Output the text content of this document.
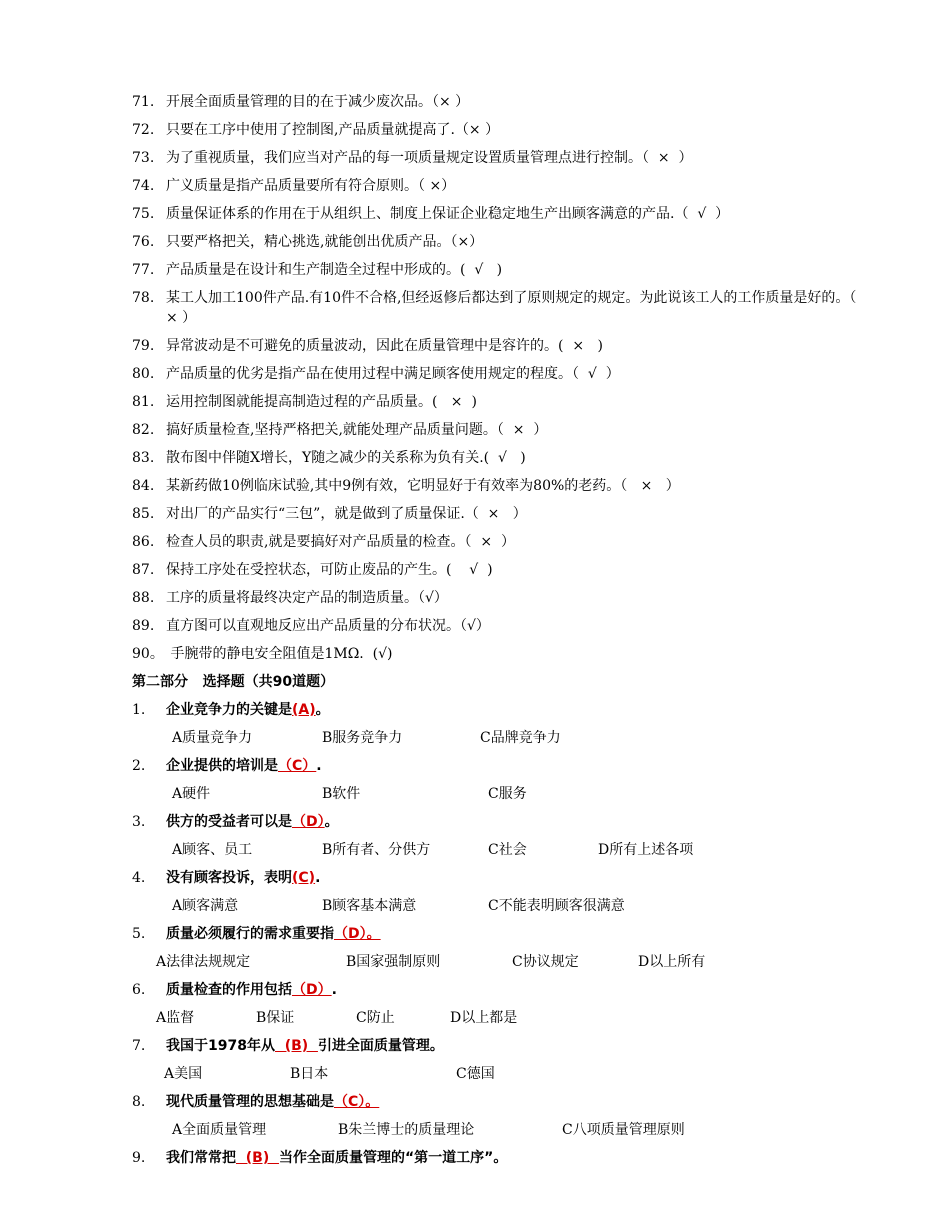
71. 开展全面质量管理的目的在于减少废次品。（× ）
72. 只要在工序中使用了控制图,产品质量就提高了.（× ）
73. 为了重视质量，我们应当对产品的每一项质量规定设置质量管理点进行控制。（  ×  ）
74. 广义质量是指产品质量要所有符合原则。（ ×）
75. 质量保证体系的作用在于从组织上、制度上保证企业稳定地生产出顾客满意的产品.（  √  ）
76. 只要严格把关，精心挑选,就能创出优质产品。（×）
77. 产品质量是在设计和生产制造全过程中形成的。(  √   )
78. 某工人加工100件产品.有10件不合格,但经返修后都达到了原则规定的规定。为此说该工人的工作质量是好的。（ × ）
79. 异常波动是不可避免的质量波动，因此在质量管理中是容许的。(  ×   )
80. 产品质量的优劣是指产品在使用过程中满足顾客使用规定的程度。（  √  ）
81. 运用控制图就能提高制造过程的产品质量。(   ×  )
82. 搞好质量检查,坚持严格把关,就能处理产品质量问题。（  ×  ）
83. 散布图中伴随X增长，Y随之减少的关系称为负有关.(  √   )
84. 某新药做10例临床试验,其中9例有效，它明显好于有效率为80%的老药。（   ×   ）
85. 对出厂的产品实行“三包”，就是做到了质量保证.（  ×   ）
86. 检查人员的职责,就是要搞好对产品质量的检查。（  ×  ）
87. 保持工序处在受控状态，可防止废品的产生。(    √  )
88. 工序的质量将最终决定产品的制造质量。（√）
89. 直方图可以直观地反应出产品质量的分布状况。（√）
90。 手腕带的静电安全阻值是1MΩ.  (√)
第二部分   选择题（共90道题）
1.	企业竞争力的关键是(A)。
A质量竞争力	B服务竞争力	C品牌竞争力
2.	企业提供的培训是（C）.
A硬件	B软件	C服务
3.	供方的受益者可以是（D）。
A顾客、员工	B所有者、分供方	C社会	D所有上述各项
4.	没有顾客投诉，表明(C).
A顾客满意	B顾客基本满意	C不能表明顾客很满意
5.	质量必须履行的需求重要指（D）。
A法律法规规定	B国家强制原则	C协议规定	D以上所有
6.	质量检查的作用包括（D）.
A监督	B保证	C防止	D以上都是
7.	我国于1978年从  (B)  引进全面质量管理。
A美国	B日本	C德国
8.	现代质量管理的思想基础是（C）。
A全面质量管理	B朱兰博士的质量理论	C八项质量管理原则
9.	我们常常把  (B)  当作全面质量管理的“第一道工序”。
